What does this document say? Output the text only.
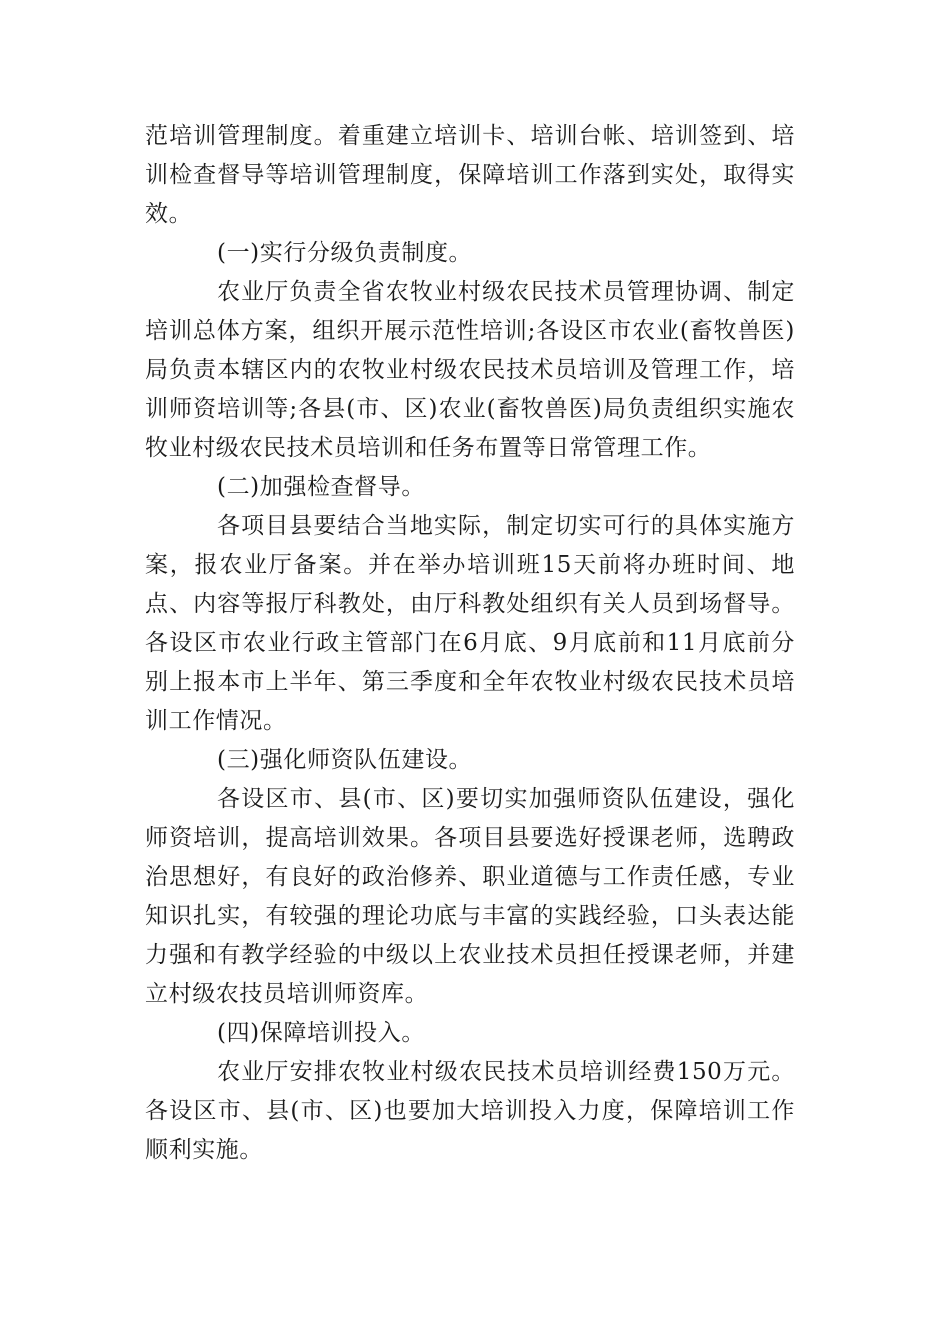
范培训管理制度。着重建立培训卡、培训台帐、培训签到、培训检查督导等培训管理制度，保障培训工作落到实处，取得实效。

(一)实行分级负责制度。

农业厅负责全省农牧业村级农民技术员管理协调、制定培训总体方案，组织开展示范性培训;各设区市农业(畜牧兽医)局负责本辖区内的农牧业村级农民技术员培训及管理工作，培训师资培训等;各县(市、区)农业(畜牧兽医)局负责组织实施农牧业村级农民技术员培训和任务布置等日常管理工作。

(二)加强检查督导。

各项目县要结合当地实际，制定切实可行的具体实施方案，报农业厅备案。并在举办培训班15天前将办班时间、地点、内容等报厅科教处，由厅科教处组织有关人员到场督导。各设区市农业行政主管部门在6月底、9月底前和11月底前分别上报本市上半年、第三季度和全年农牧业村级农民技术员培训工作情况。

(三)强化师资队伍建设。

各设区市、县(市、区)要切实加强师资队伍建设，强化师资培训，提高培训效果。各项目县要选好授课老师，选聘政治思想好，有良好的政治修养、职业道德与工作责任感，专业知识扎实，有较强的理论功底与丰富的实践经验，口头表达能力强和有教学经验的中级以上农业技术员担任授课老师，并建立村级农技员培训师资库。

(四)保障培训投入。

农业厅安排农牧业村级农民技术员培训经费150万元。各设区市、县(市、区)也要加大培训投入力度，保障培训工作顺利实施。
